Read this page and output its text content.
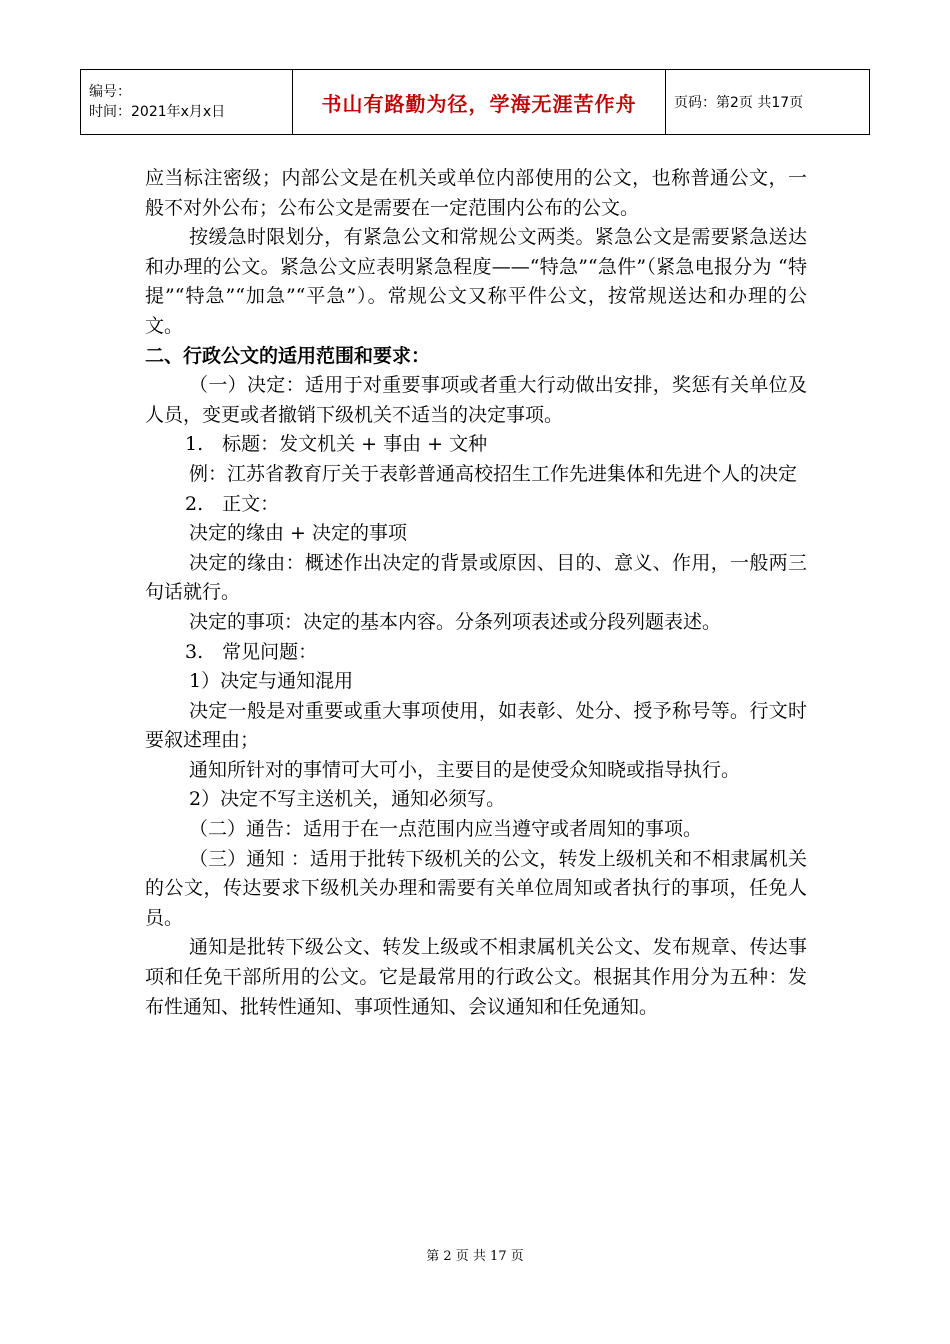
编号：
时间：2021年x月x日	书山有路勤为径，学海无涯苦作舟	页码：第2页 共17页

应当标注密级；内部公文是在机关或单位内部使用的公文，也称普通公文，一般不对外公布；公布公文是需要在一定范围内公布的公文。

按缓急时限划分，有紧急公文和常规公文两类。紧急公文是需要紧急送达和办理的公文。紧急公文应表明紧急程度——“特急”“急件”（紧急电报分为 “特提”“特急”“加急”“平急”）。常规公文又称平件公文，按常规送达和办理的公文。

二、行政公文的适用范围和要求：

（一）决定：适用于对重要事项或者重大行动做出安排，奖惩有关单位及人员，变更或者撤销下级机关不适当的决定事项。

1.　标题：发文机关 + 事由 + 文种

例：江苏省教育厅关于表彰普通高校招生工作先进集体和先进个人的决定

2.　正文：

决定的缘由 + 决定的事项

决定的缘由：概述作出决定的背景或原因、目的、意义、作用，一般两三句话就行。

决定的事项：决定的基本内容。分条列项表述或分段列题表述。

3.　常见问题：

1）决定与通知混用

决定一般是对重要或重大事项使用，如表彰、处分、授予称号等。行文时要叙述理由；

通知所针对的事情可大可小，主要目的是使受众知晓或指导执行。

2）决定不写主送机关，通知必须写。

（二）通告：适用于在一点范围内应当遵守或者周知的事项。

（三）通知 ：适用于批转下级机关的公文，转发上级机关和不相隶属机关的公文，传达要求下级机关办理和需要有关单位周知或者执行的事项，任免人员。

通知是批转下级公文、转发上级或不相隶属机关公文、发布规章、传达事项和任免干部所用的公文。它是最常用的行政公文。根据其作用分为五种：发布性通知、批转性通知、事项性通知、会议通知和任免通知。

第 2 页 共 17 页
